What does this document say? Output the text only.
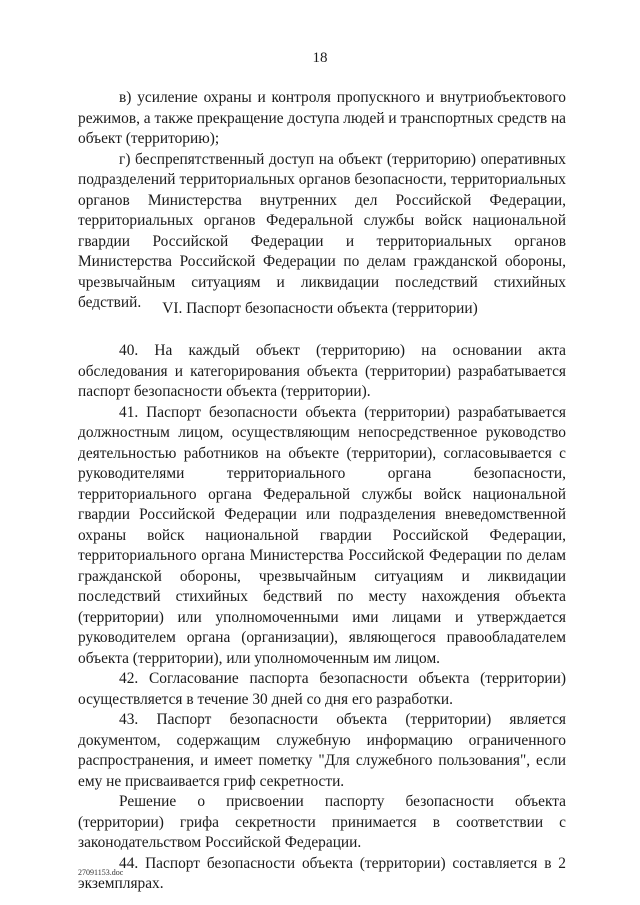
18

в) усиление охраны и контроля пропускного и внутриобъектового режимов, а также прекращение доступа людей и транспортных средств на объект (территорию);

г) беспрепятственный доступ на объект (территорию) оперативных подразделений территориальных органов безопасности, территориальных органов Министерства внутренних дел Российской Федерации, территориальных органов Федеральной службы войск национальной гвардии Российской Федерации и территориальных органов Министерства Российской Федерации по делам гражданской обороны, чрезвычайным ситуациям и ликвидации последствий стихийных бедствий.	VI. Паспорт безопасности объекта (территории)

40. На каждый объект (территорию) на основании акта обследования и категорирования объекта (территории) разрабатывается паспорт безопасности объекта (территории).

41. Паспорт безопасности объекта (территории) разрабатывается должностным лицом, осуществляющим непосредственное руководство деятельностью работников на объекте (территории), согласовывается с руководителями территориального органа безопасности, территориального органа Федеральной службы войск национальной гвардии Российской Федерации или подразделения вневедомственной охраны войск национальной гвардии Российской Федерации, территориального органа Министерства Российской Федерации по делам гражданской обороны, чрезвычайным ситуациям и ликвидации последствий стихийных бедствий по месту нахождения объекта (территории) или уполномоченными ими лицами и утверждается руководителем органа (организации), являющегося правообладателем объекта (территории), или уполномоченным им лицом.

42. Согласование паспорта безопасности объекта (территории) осуществляется в течение 30 дней со дня его разработки.

43. Паспорт безопасности объекта (территории) является документом, содержащим служебную информацию ограниченного распространения, и имеет пометку "Для служебного пользования", если ему не присваивается гриф секретности.

Решение о присвоении паспорту безопасности объекта (территории) грифа секретности принимается в соответствии с законодательством Российской Федерации.

44. Паспорт безопасности объекта (территории) составляется в 2 экземплярах.

27091153.doc
